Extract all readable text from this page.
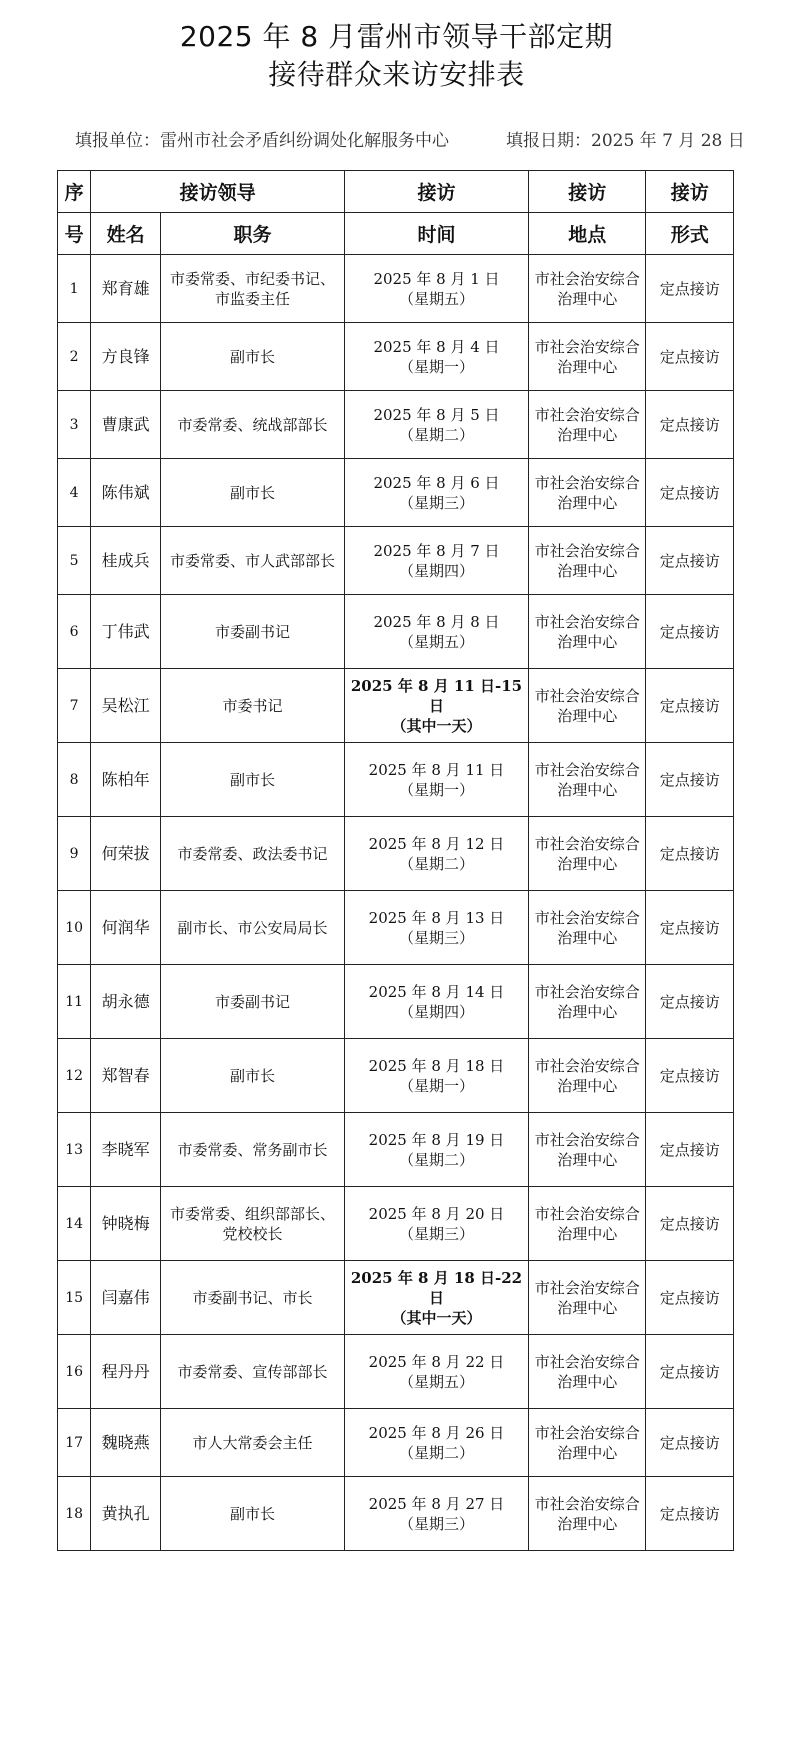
2025 年 8 月雷州市领导干部定期
接待群众来访安排表
填报单位：雷州市社会矛盾纠纷调处化解服务中心	填报日期：2025 年 7 月 28 日
序	接访领导		接访	接访	接访
号	姓名	职务	时间	地点	形式

1	郑育雄	市委常委、市纪委书记、市监委主任	2025 年 8 月 1 日
（星期五）	市社会治安综合治理中心	定点接访

2	方良锋	副市长	2025 年 8 月 4 日
（星期一）	市社会治安综合治理中心	定点接访

3	曹康武	市委常委、统战部部长	2025 年 8 月 5 日
（星期二）	市社会治安综合治理中心	定点接访

4	陈伟斌	副市长	2025 年 8 月 6 日
（星期三）	市社会治安综合治理中心	定点接访

5	桂成兵	市委常委、市人武部部长	2025 年 8 月 7 日
（星期四）	市社会治安综合治理中心	定点接访

6	丁伟武	市委副书记	2025 年 8 月 8 日
（星期五）	市社会治安综合治理中心	定点接访

7	吴松江	市委书记	2025 年 8 月 11 日-15 日
（其中一天）	市社会治安综合治理中心	定点接访

8	陈柏年	副市长	2025 年 8 月 11 日
（星期一）	市社会治安综合治理中心	定点接访

9	何荣拔	市委常委、政法委书记	2025 年 8 月 12 日
（星期二）	市社会治安综合治理中心	定点接访

10	何润华	副市长、市公安局局长	2025 年 8 月 13 日
（星期三）	市社会治安综合治理中心	定点接访

11	胡永德	市委副书记	2025 年 8 月 14 日
（星期四）	市社会治安综合治理中心	定点接访

12	郑智春	副市长	2025 年 8 月 18 日
（星期一）	市社会治安综合治理中心	定点接访

13	李晓军	市委常委、常务副市长	2025 年 8 月 19 日
（星期二）	市社会治安综合治理中心	定点接访

14	钟晓梅	市委常委、组织部部长、党校校长	2025 年 8 月 20 日
（星期三）	市社会治安综合治理中心	定点接访

15	闫嘉伟	市委副书记、市长	2025 年 8 月 18 日-22 日
（其中一天）	市社会治安综合治理中心	定点接访

16	程丹丹	市委常委、宣传部部长	2025 年 8 月 22 日
（星期五）	市社会治安综合治理中心	定点接访

17	魏晓燕	市人大常委会主任	2025 年 8 月 26 日
（星期二）	市社会治安综合治理中心	定点接访

18	黄执孔	副市长	2025 年 8 月 27 日
（星期三）	市社会治安综合治理中心	定点接访
